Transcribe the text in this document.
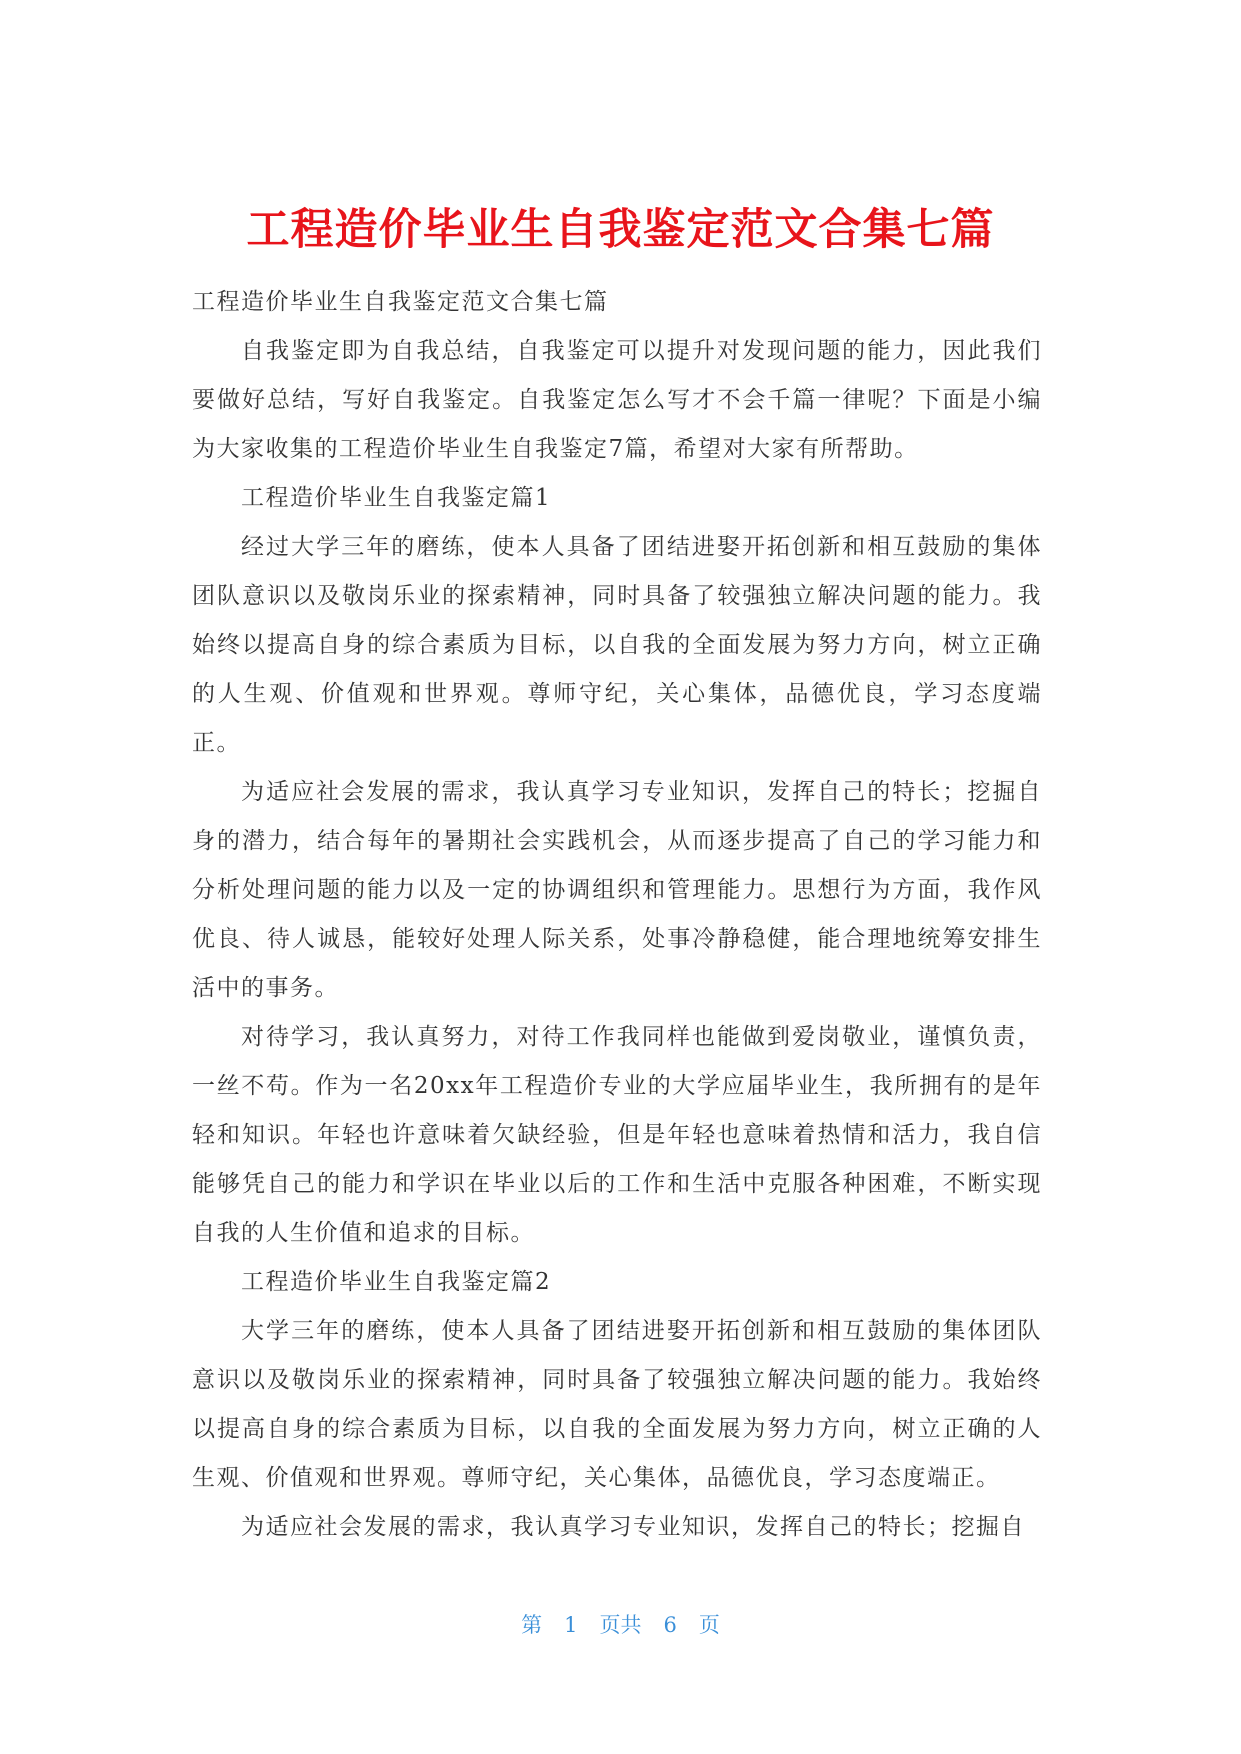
工程造价毕业生自我鉴定范文合集七篇

工程造价毕业生自我鉴定范文合集七篇

自我鉴定即为自我总结，自我鉴定可以提升对发现问题的能力，因此我们要做好总结，写好自我鉴定。自我鉴定怎么写才不会千篇一律呢？下面是小编为大家收集的工程造价毕业生自我鉴定7篇，希望对大家有所帮助。

工程造价毕业生自我鉴定篇1

经过大学三年的磨练，使本人具备了团结进娶开拓创新和相互鼓励的集体团队意识以及敬岗乐业的探索精神，同时具备了较强独立解决问题的能力。我始终以提高自身的综合素质为目标，以自我的全面发展为努力方向，树立正确的人生观、价值观和世界观。尊师守纪，关心集体，品德优良，学习态度端正。

为适应社会发展的需求，我认真学习专业知识，发挥自己的特长；挖掘自身的潜力，结合每年的暑期社会实践机会，从而逐步提高了自己的学习能力和分析处理问题的能力以及一定的协调组织和管理能力。思想行为方面，我作风优良、待人诚恳，能较好处理人际关系，处事冷静稳健，能合理地统筹安排生活中的事务。

对待学习，我认真努力，对待工作我同样也能做到爱岗敬业，谨慎负责，一丝不苟。作为一名20xx年工程造价专业的大学应届毕业生，我所拥有的是年轻和知识。年轻也许意味着欠缺经验，但是年轻也意味着热情和活力，我自信能够凭自己的能力和学识在毕业以后的工作和生活中克服各种困难，不断实现自我的人生价值和追求的目标。

工程造价毕业生自我鉴定篇2

大学三年的磨练，使本人具备了团结进娶开拓创新和相互鼓励的集体团队意识以及敬岗乐业的探索精神，同时具备了较强独立解决问题的能力。我始终以提高自身的综合素质为目标，以自我的全面发展为努力方向，树立正确的人生观、价值观和世界观。尊师守纪，关心集体，品德优良，学习态度端正。

为适应社会发展的需求，我认真学习专业知识，发挥自己的特长；挖掘自

第 1 页共 6 页
